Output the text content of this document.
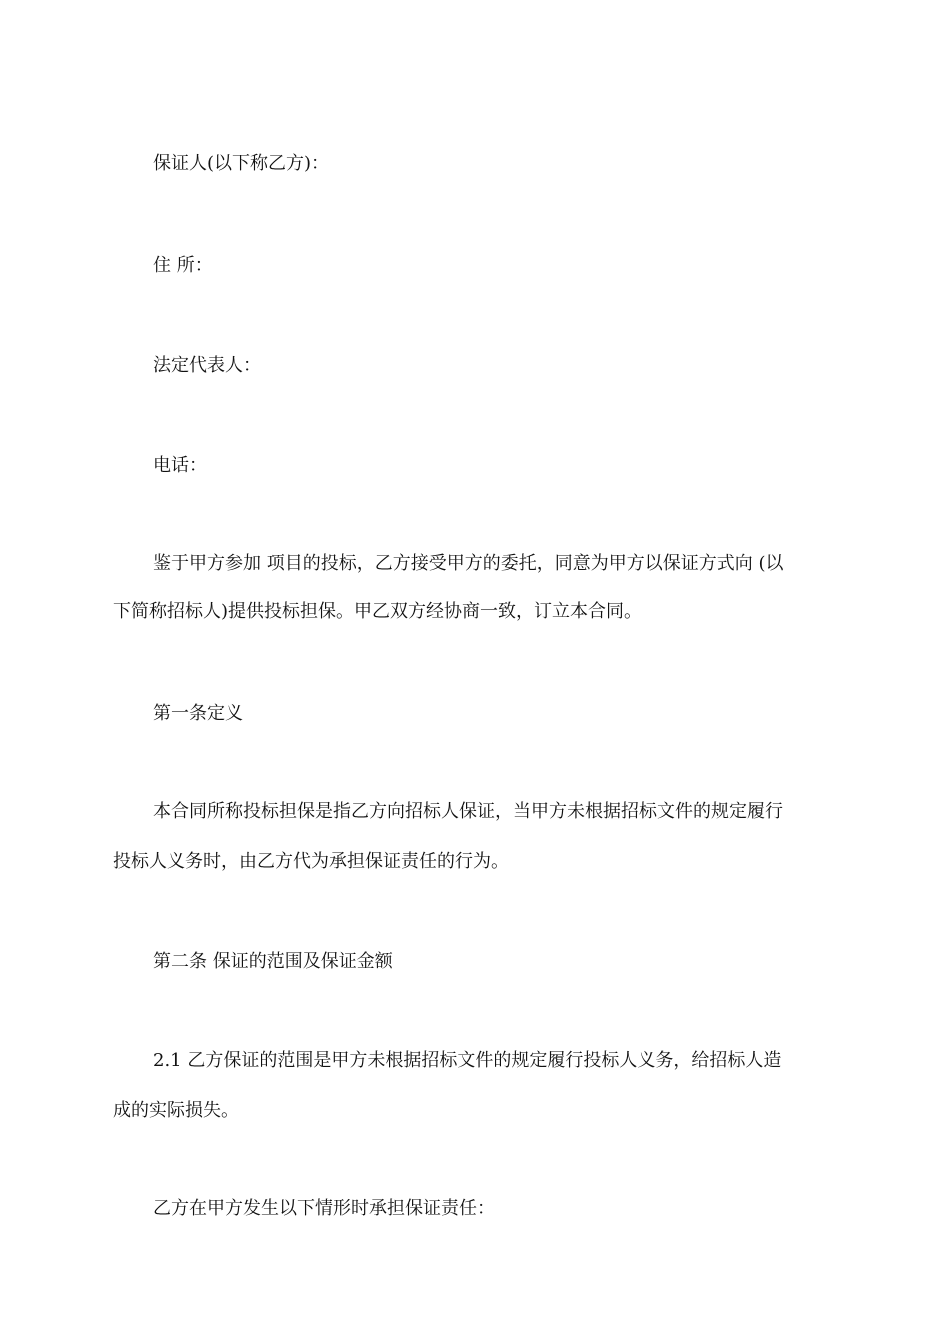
保证人(以下称乙方)：
住 所：
法定代表人：
电话：
鉴于甲方参加 项目的投标，乙方接受甲方的委托，同意为甲方以保证方式向 (以
下简称招标人)提供投标担保。甲乙双方经协商一致，订立本合同。
第一条定义
本合同所称投标担保是指乙方向招标人保证，当甲方未根据招标文件的规定履行
投标人义务时，由乙方代为承担保证责任的行为。
第二条 保证的范围及保证金额
2.1 乙方保证的范围是甲方未根据招标文件的规定履行投标人义务，给招标人造
成的实际损失。
乙方在甲方发生以下情形时承担保证责任：
